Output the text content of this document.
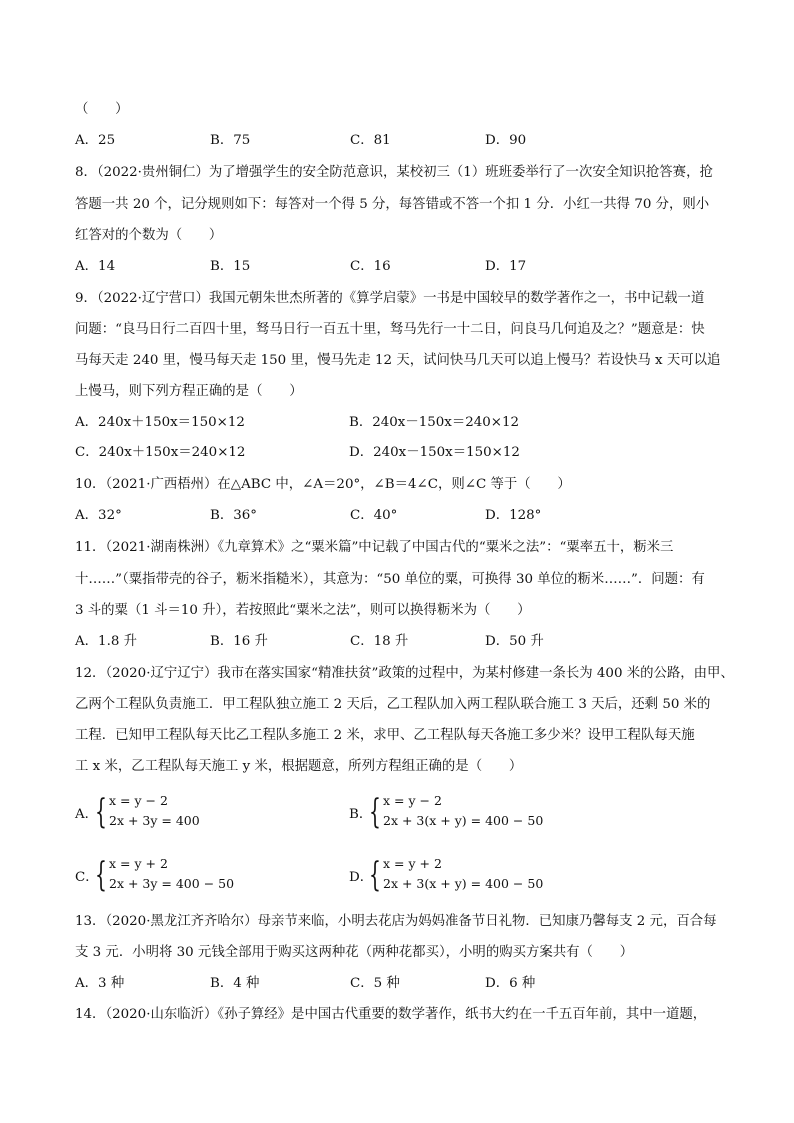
（　　）
A．25	B．75	C．81	D．90
8．（2022·贵州铜仁）为了增强学生的安全防范意识，某校初三（1）班班委举行了一次安全知识抢答赛，抢
答题一共 20 个，记分规则如下：每答对一个得 5 分，每答错或不答一个扣 1 分．小红一共得 70 分，则小
红答对的个数为（　　）
A．14	B．15	C．16	D．17
9．（2022·辽宁营口）我国元朝朱世杰所著的《算学启蒙》一书是中国较早的数学著作之一，书中记载一道
问题：“良马日行二百四十里，驽马日行一百五十里，驽马先行一十二日，问良马几何追及之？”题意是：快
马每天走 240 里，慢马每天走 150 里，慢马先走 12 天，试问快马几天可以追上慢马？若设快马 x 天可以追
上慢马，则下列方程正确的是（　　）
A．240x＋150x＝150×12	B．240x－150x＝240×12
C．240x＋150x＝240×12	D．240x－150x＝150×12
10．（2021·广西梧州）在△ABC 中，∠A＝20°，∠B＝4∠C，则∠C 等于（　　）
A．32°	B．36°	C．40°	D．128°
11．（2021·湖南株洲）《九章算术》之“粟米篇”中记载了中国古代的“粟米之法”：“粟率五十，粝米三
十……”（粟指带壳的谷子，粝米指糙米），其意为：“50 单位的粟，可换得 30 单位的粝米……”．问题：有
3 斗的粟（1 斗＝10 升），若按照此“粟米之法”，则可以换得粝米为（　　）
A．1.8 升	B．16 升	C．18 升	D．50 升
12．（2020·辽宁辽宁）我市在落实国家“精准扶贫”政策的过程中，为某村修建一条长为 400 米的公路，由甲、
乙两个工程队负责施工．甲工程队独立施工 2 天后，乙工程队加入两工程队联合施工 3 天后，还剩 50 米的
工程．已知甲工程队每天比乙工程队多施工 2 米，求甲、乙工程队每天各施工多少米？设甲工程队每天施
工 x 米，乙工程队每天施工 y 米，根据题意，所列方程组正确的是（　　）
A．
{ x = y − 2
2x + 3y = 400	B．
{ x = y − 2
2x + 3(x + y) = 400 − 50
C．
{ x = y + 2
2x + 3y = 400 − 50	D．
{ x = y + 2
2x + 3(x + y) = 400 − 50
13．（2020·黑龙江齐齐哈尔）母亲节来临，小明去花店为妈妈准备节日礼物．已知康乃馨每支 2 元，百合每
支 3 元．小明将 30 元钱全部用于购买这两种花（两种花都买），小明的购买方案共有（　　）
A．3 种	B．4 种	C．5 种	D．6 种
14．（2020·山东临沂）《孙子算经》是中国古代重要的数学著作，纸书大约在一千五百年前，其中一道题，
